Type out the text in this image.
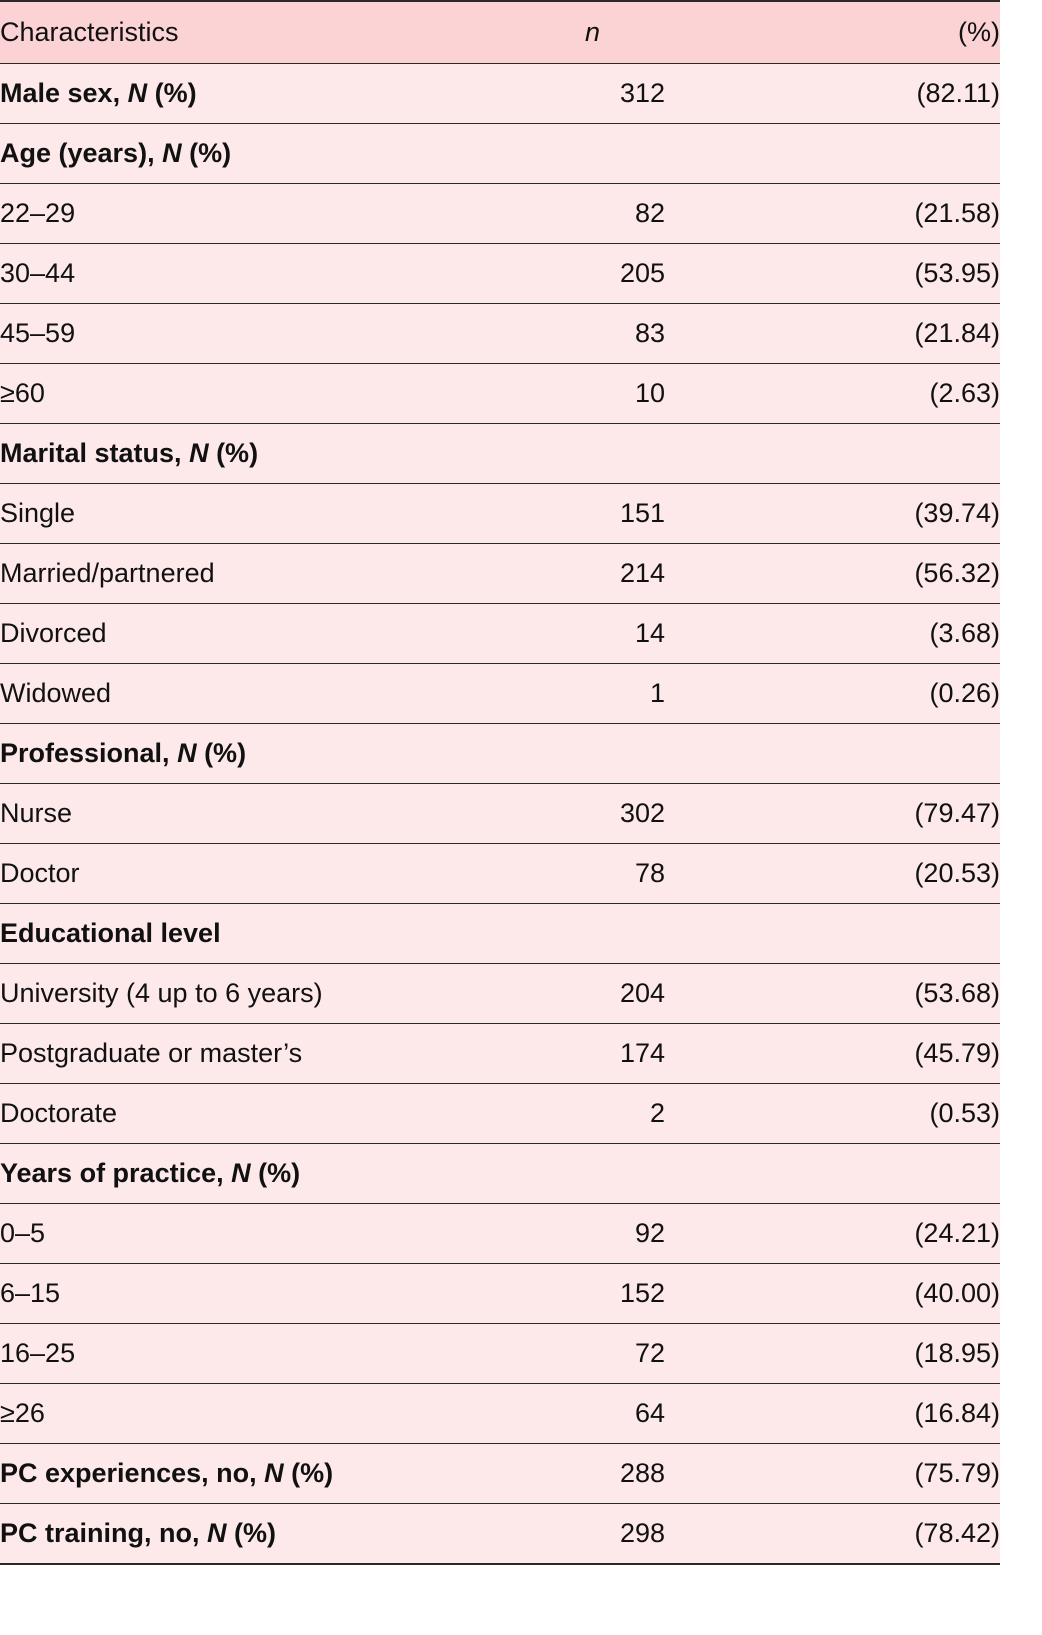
Characteristics	n	(%)
Male sex, N (%)	312	(82.11)
Age (years), N (%)		
22–29	82	(21.58)
30–44	205	(53.95)
45–59	83	(21.84)
≥60	10	(2.63)
Marital status, N (%)		
Single	151	(39.74)
Married/partnered	214	(56.32)
Divorced	14	(3.68)
Widowed	1	(0.26)
Professional, N (%)		
Nurse	302	(79.47)
Doctor	78	(20.53)
Educational level		
University (4 up to 6 years)	204	(53.68)
Postgraduate or master’s	174	(45.79)
Doctorate	2	(0.53)
Years of practice, N (%)		
0–5	92	(24.21)
6–15	152	(40.00)
16–25	72	(18.95)
≥26	64	(16.84)
PC experiences, no, N (%)	288	(75.79)
PC training, no, N (%)	298	(78.42)
